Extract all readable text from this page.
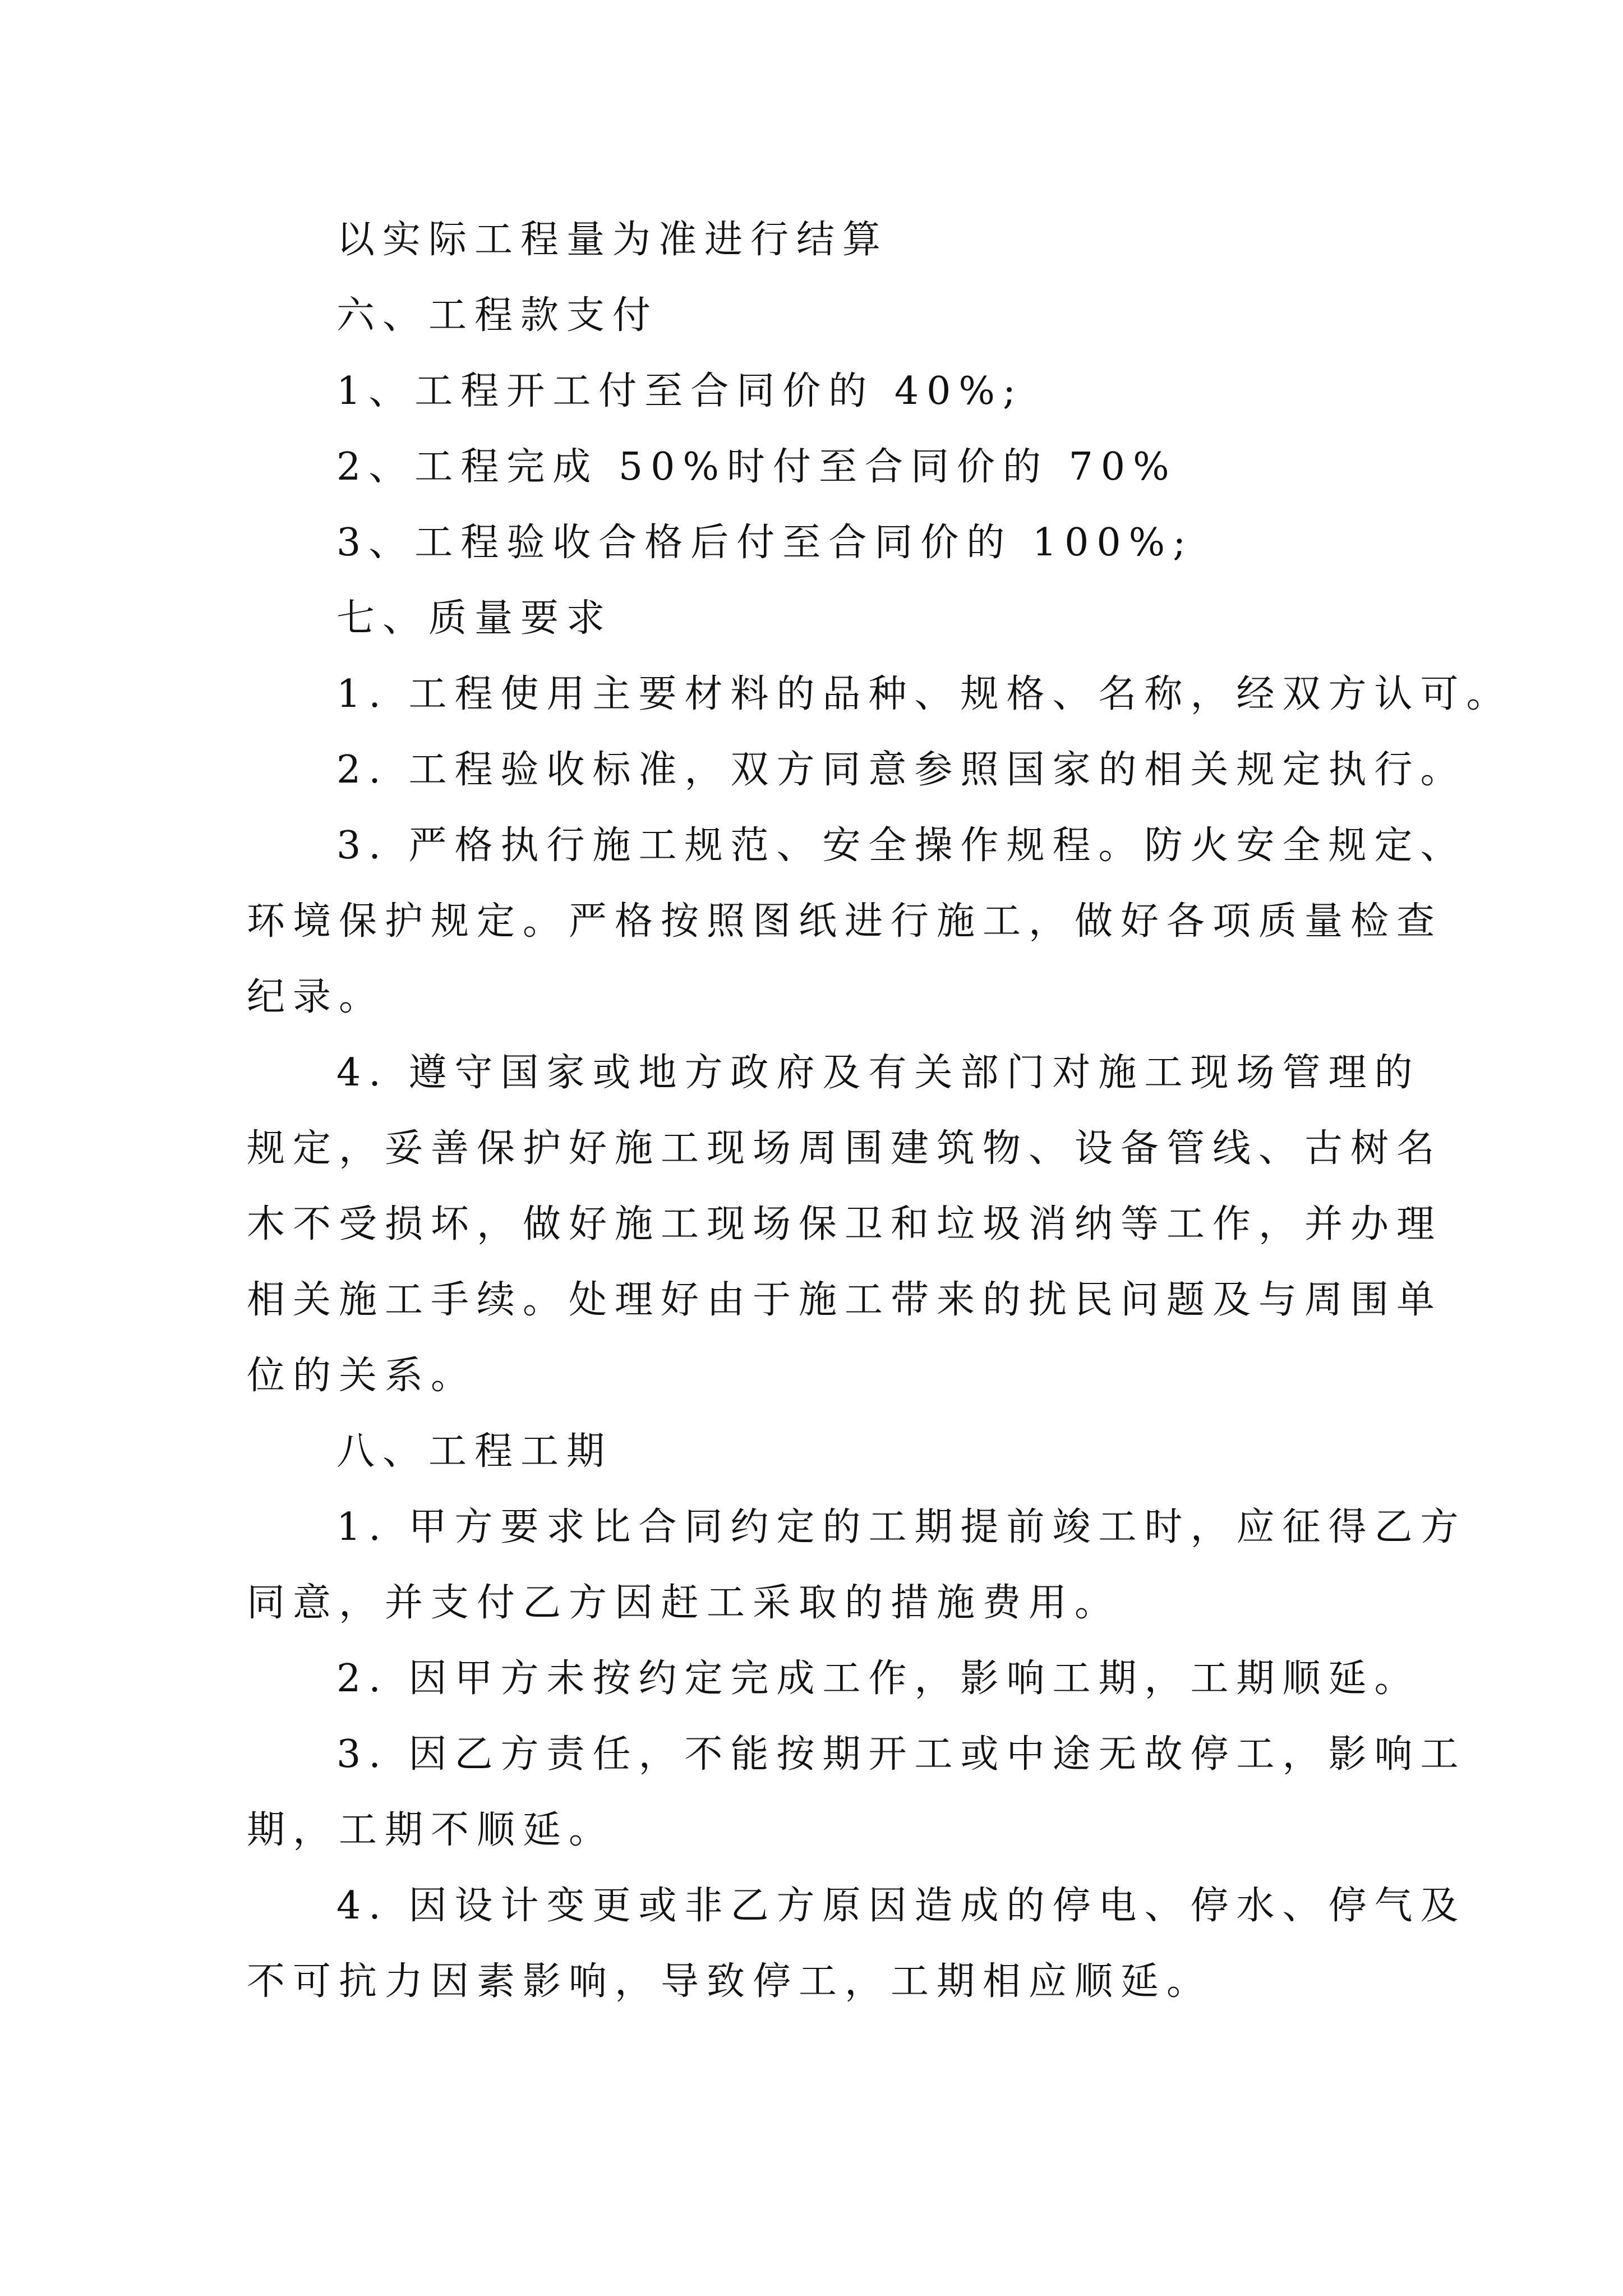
以实际工程量为准进行结算
六、工程款支付
1、工程开工付至合同价的 40%;
2、工程完成 50%时付至合同价的 70%
3、工程验收合格后付至合同价的 100%;
七、质量要求
1. 工程使用主要材料的品种、规格、名称，经双方认可。
2. 工程验收标准，双方同意参照国家的相关规定执行。
3. 严格执行施工规范、安全操作规程。防火安全规定、
环境保护规定。严格按照图纸进行施工，做好各项质量检查
纪录。
4. 遵守国家或地方政府及有关部门对施工现场管理的
规定，妥善保护好施工现场周围建筑物、设备管线、古树名
木不受损坏，做好施工现场保卫和垃圾消纳等工作，并办理
相关施工手续。处理好由于施工带来的扰民问题及与周围单
位的关系。
八、工程工期
1. 甲方要求比合同约定的工期提前竣工时，应征得乙方
同意，并支付乙方因赶工采取的措施费用。
2. 因甲方未按约定完成工作，影响工期，工期顺延。
3. 因乙方责任，不能按期开工或中途无故停工，影响工
期，工期不顺延。
4. 因设计变更或非乙方原因造成的停电、停水、停气及
不可抗力因素影响，导致停工，工期相应顺延。
